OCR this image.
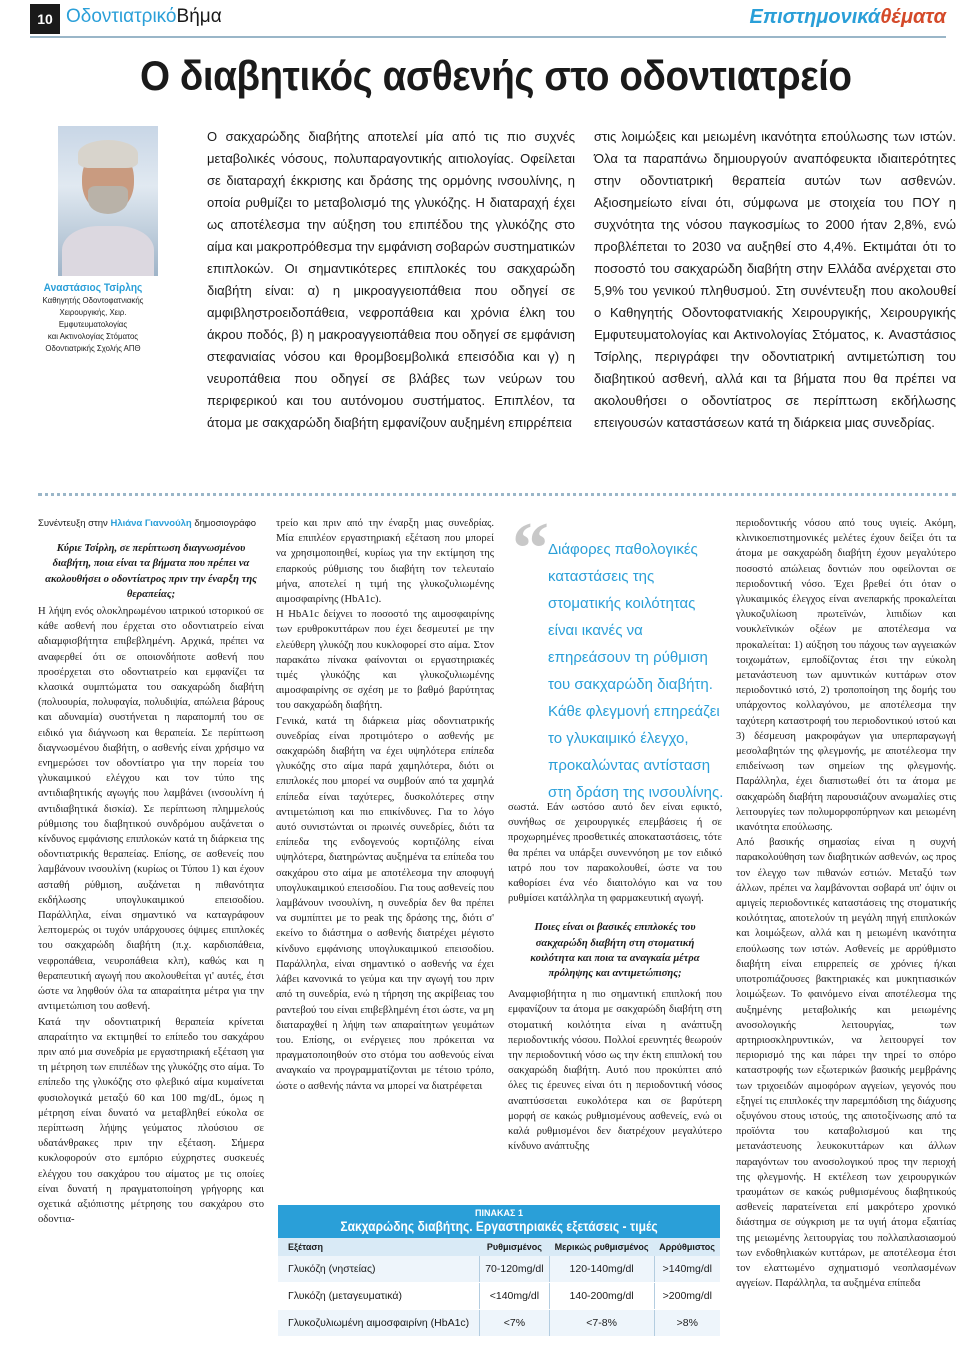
10 ΟδοντιατρικόΒήμα	Επιστημονικάθέματα
Ο διαβητικός ασθενής στο οδοντιατρείο
Αναστάσιος Τσίρλης
Καθηγητής Οδοντοφατνιακής
Χειρουργικής, Χειρ. Εμφυτευματολογίας
και Ακτινολογίας Στόματος
Οδοντιατρικής Σχολής ΑΠΘ
Ο σακχαρώδης διαβήτης αποτελεί μία από τις πιο συχνές μεταβολικές νόσους, πολυπαραγοντικής αιτιολογίας. Οφείλεται σε διαταραχή έκκρισης και δράσης της ορμόνης ινσουλίνης, η οποία ρυθμίζει το μεταβολισμό της γλυκόζης. Η διαταραχή έχει ως αποτέλεσμα την αύξηση του επιπέδου της γλυκόζης στο αίμα και μακροπρόθεσμα την εμφάνιση σοβαρών συστηματικών επιπλοκών. Οι σημαντικότερες επιπλοκές του σακχαρώδη διαβήτη είναι: α) η μικροαγγειοπάθεια που οδηγεί σε αμφιβληστροειδοπάθεια, νεφροπάθεια και χρόνια έλκη του άκρου ποδός, β) η μακροαγγειοπάθεια που οδηγεί σε εμφάνιση στεφανιαίας νόσου και θρομβοεμβολικά επεισόδια και γ) η νευροπάθεια που οδηγεί σε βλάβες των νεύρων του περιφερικού και του αυτόνομου συστήματος. Επιπλέον, τα άτομα με σακχαρώδη διαβήτη εμφανίζουν αυξημένη επιρρέπεια
στις λοιμώξεις και μειωμένη ικανότητα επούλωσης των ιστών. Όλα τα παραπάνω δημιουργούν αναπόφευκτα ιδιαιτερότητες στην οδοντιατρική θεραπεία αυτών των ασθενών. Αξιοσημείωτο είναι ότι, σύμφωνα με στοιχεία του ΠΟΥ η συχνότητα της νόσου παγκοσμίως το 2000 ήταν 2,8%, ενώ προβλέπεται το 2030 να αυξηθεί στο 4,4%. Εκτιμάται ότι το ποσοστό του σακχαρώδη διαβήτη στην Ελλάδα ανέρχεται στο 5,9% του γενικού πληθυσμού. Στη συνέντευξη που ακολουθεί ο Καθηγητής Οδοντοφατνιακής Χειρουργικής, Χειρουργικής Εμφυτευματολογίας και Ακτινολογίας Στόματος, κ. Αναστάσιος Τσίρλης, περιγράφει την οδοντιατρική αντιμετώπιση του διαβητικού ασθενή, αλλά και τα βήματα που θα πρέπει να ακολουθήσει ο οδοντίατρος σε περίπτωση εκδήλωσης επειγουσών καταστάσεων κατά τη διάρκεια μιας συνεδρίας.
Συνέντευξη στην Ηλιάνα Γιαννούλη δημοσιογράφο

Κύριε Τσίρλη, σε περίπτωση διαγνωσμένου διαβήτη, ποια είναι τα βήματα που πρέπει να ακολουθήσει ο οδοντίατρος πριν την έναρξη της θεραπείας;

Η λήψη ενός ολοκληρωμένου ιατρικού ιστορικού σε κάθε ασθενή που έρχεται στο οδοντιατρείο είναι αδιαμφισβήτητα επιβεβλημένη. Αρχικά, πρέπει να αναφερθεί ότι σε οποιονδήποτε ασθενή που προσέρχεται στο οδοντιατρείο και εμφανίζει τα κλασικά συμπτώματα του σακχαρώδη διαβήτη (πολυουρία, πολυφαγία, πολυδιψία, απώλεια βάρους και αδυναμία) συστήνεται η παραπομπή του σε ειδικό για διάγνωση και θεραπεία. Σε περίπτωση διαγνωσμένου διαβήτη, ο ασθενής είναι χρήσιμο να ενημερώσει τον οδοντίατρο για την πορεία του γλυκαιμικού ελέγχου και τον τύπο της αντιδιαβητικής αγωγής που λαμβάνει (ινσουλίνη ή αντιδιαβητικά δισκία). Σε περίπτωση πλημμελούς ρύθμισης του διαβητικού συνδρόμου αυξάνεται ο κίνδυνος εμφάνισης επιπλοκών κατά τη διάρκεια της οδοντιατρικής θεραπείας. Επίσης, σε ασθενείς που λαμβάνουν ινσουλίνη (κυρίως οι Τύπου 1) και έχουν ασταθή ρύθμιση, αυξάνεται η πιθανότητα εκδήλωσης υπογλυκαιμικού επεισοδίου. Παράλληλα, είναι σημαντικό να καταγράφουν λεπτομερώς οι τυχόν υπάρχουσες όψιμες επιπλοκές του σακχαρώδη διαβήτη (π.χ. καρδιοπάθεια, νεφροπάθεια, νευροπάθεια κλπ), καθώς και η θεραπευτική αγωγή που ακολουθείται γι' αυτές, έτσι ώστε να ληφθούν όλα τα απαραίτητα μέτρα για την αντιμετώπιση του ασθενή.

Κατά την οδοντιατρική θεραπεία κρίνεται απαραίτητο να εκτιμηθεί το επίπεδο του σακχάρου πριν από μια συνεδρία με εργαστηριακή εξέταση για τη μέτρηση των επιπέδων της γλυκόζης στο αίμα. Το επίπεδο της γλυκόζης στο φλεβικό αίμα κυμαίνεται φυσιολογικά μεταξύ 60 και 100 mg/dL, όμως η μέτρηση είναι δυνατό να μεταβληθεί εύκολα σε περίπτωση λήψης γεύματος πλούσιου σε υδατάνθρακες πριν την εξέταση. Σήμερα κυκλοφορούν στο εμπόριο εύχρηστες συσκευές ελέγχου του σακχάρου του αίματος με τις οποίες είναι δυνατή η πραγματοποίηση γρήγορης και σχετικά αξιόπιστης μέτρησης του σακχάρου στο οδοντια-

τρείο και πριν από την έναρξη μιας συνεδρίας. Μία επιπλέον εργαστηριακή εξέταση που μπορεί να χρησιμοποιηθεί, κυρίως για την εκτίμηση της επαρκούς ρύθμισης του διαβήτη τον τελευταίο μήνα, αποτελεί η τιμή της γλυκοζυλιωμένης αιμοσφαιρίνης (HbA1c).

Η HbA1c δείχνει το ποσοστό της αιμοσφαιρίνης των ερυθροκυττάρων που έχει δεσμευτεί με την ελεύθερη γλυκόζη που κυκλοφορεί στο αίμα. Στον παρακάτω πίνακα φαίνονται οι εργαστηριακές τιμές γλυκόζης και γλυκοζυλιωμένης αιμοσφαιρίνης σε σχέση με το βαθμό βαρύτητας του σακχαρώδη διαβήτη.

Γενικά, κατά τη διάρκεια μίας οδοντιατρικής συνεδρίας είναι προτιμότερο ο ασθενής με σακχαρώδη διαβήτη να έχει υψηλότερα επίπεδα γλυκόζης στο αίμα παρά χαμηλότερα, διότι οι επιπλοκές που μπορεί να συμβούν από τα χαμηλά επίπεδα είναι ταχύτερες, δυσκολότερες στην αντιμετώπιση και πιο επικίνδυνες. Για το λόγο αυτό συνιστώνται οι πρωινές συνεδρίες, διότι τα επίπεδα της ενδογενούς κορτιζόλης είναι υψηλότερα, διατηρώντας αυξημένα τα επίπεδα του σακχάρου στο αίμα με αποτέλεσμα την αποφυγή υπογλυκαιμικού επεισοδίου. Για τους ασθενείς που λαμβάνουν ινσουλίνη, η συνεδρία δεν θα πρέπει να συμπίπτει με το peak της δράσης της, διότι σ' εκείνο το διάστημα ο ασθενής διατρέχει μέγιστο κίνδυνο εμφάνισης υπογλυκαιμικού επεισοδίου. Παράλληλα, είναι σημαντικό ο ασθενής να έχει λάβει κανονικά το γεύμα και την αγωγή του πριν από τη συνεδρία, ενώ η τήρηση της ακρίβειας του ραντεβού του είναι επιβεβλημένη έτσι ώστε, να μη διαταραχθεί η λήψη των απαραίτητων γευμάτων του. Επίσης, οι ενέργειες που πρόκειται να πραγματοποιηθούν στο στόμα του ασθενούς είναι αναγκαίο να προγραμματίζονται με τέτοιο τρόπο, ώστε ο ασθενής πάντα να μπορεί να διατρέφεται

“ Διάφορες παθολογικές καταστάσεις της στοματικής κοιλότητας είναι ικανές να επηρεάσουν τη ρύθμιση του σακχαρώδη διαβήτη. Κάθε φλεγμονή επηρεάζει το γλυκαιμικό έλεγχο, προκαλώντας αντίσταση στη δράση της ινσουλίνης.

σωστά. Εάν ωστόσο αυτό δεν είναι εφικτό, συνήθως σε χειρουργικές επεμβάσεις ή σε προχωρημένες προσθετικές αποκαταστάσεις, τότε θα πρέπει να υπάρξει συνεννόηση με τον ειδικό ιατρό που τον παρακολουθεί, ώστε να του καθορίσει ένα νέο διαιτολόγιο και να του ρυθμίσει κατάλληλα τη φαρμακευτική αγωγή.

Ποιες είναι οι βασικές επιπλοκές του σακχαρώδη διαβήτη στη στοματική κοιλότητα και ποια τα αναγκαία μέτρα πρόληψης και αντιμετώπισης;

Αναμφισβήτητα η πιο σημαντική επιπλοκή που εμφανίζουν τα άτομα με σακχαρώδη διαβήτη στη στοματική κοιλότητα είναι η ανάπτυξη περιοδοντικής νόσου. Πολλοί ερευνητές θεωρούν την περιοδοντική νόσο ως την έκτη επιπλοκή του σακχαρώδη διαβήτη. Αυτό που προκύπτει από όλες τις έρευνες είναι ότι η περιοδοντική νόσος αναπτύσσεται ευκολότερα και σε βαρύτερη μορφή σε κακώς ρυθμισμένους ασθενείς, ενώ οι καλά ρυθμισμένοι δεν διατρέχουν μεγαλύτερο κίνδυνο ανάπτυξης

περιοδοντικής νόσου από τους υγιείς. Ακόμη, κλινικοεπιστημονικές μελέτες έχουν δείξει ότι τα άτομα με σακχαρώδη διαβήτη έχουν μεγαλύτερο ποσοστό απώλειας δοντιών που οφείλονται σε περιοδοντική νόσο. Έχει βρεθεί ότι όταν ο γλυκαιμικός έλεγχος είναι ανεπαρκής προκαλείται γλυκοζυλίωση πρωτεϊνών, λιπιδίων και νουκλεϊνικών οξέων με αποτέλεσμα να προκαλείται: 1) αύξηση του πάχους των αγγειακών τοιχωμάτων, εμποδίζοντας έτσι την εύκολη μετανάστευση των αμυντικών κυττάρων στον περιοδοντικό ιστό, 2) τροποποίηση της δομής του υπάρχοντος κολλαγόνου, με αποτέλεσμα την ταχύτερη καταστροφή του περιοδοντικού ιστού και 3) δέσμευση μακροφάγων για υπερπαραγωγή μεσολαβητών της φλεγμονής, με αποτέλεσμα την επιδείνωση των σημείων της φλεγμονής. Παράλληλα, έχει διαπιστωθεί ότι τα άτομα με σακχαρώδη διαβήτη παρουσιάζουν ανωμαλίες στις λειτουργίες των πολυμορφοπύρηνων και μειωμένη ικανότητα επούλωσης.

Από βασικής σημασίας είναι η συχνή παρακολούθηση των διαβητικών ασθενών, ως προς τον έλεγχο των πιθανών εστιών. Μεταξύ των άλλων, πρέπει να λαμβάνονται σοβαρά υπ' όψιν οι αμιγείς περιοδοντικές καταστάσεις της στοματικής κοιλότητας, αποτελούν τη μεγάλη πηγή επιπλοκών και λοιμώξεων, αλλά και η μειωμένη ικανότητα επούλωσης των ιστών. Ασθενείς με αρρύθμιστο διαβήτη είναι επιρρεπείς σε χρόνιες ή/και υποτροπιάζουσες βακτηριακές και μυκητιασικών λοιμώξεων. Το φαινόμενο είναι αποτέλεσμα της αυξημένης μεταβολικής και μειωμένης ανοσολογικής λειτουργίας, των αρτηριοσκληρυντικών, να λειτουργεί τον περιορισμό της και πάρει την τηρεί το σπόρο καταστροφής των εξωτερικών βασικής μεμβράνης των τριχοειδών αιμοφόρων αγγείων, γεγονός που εξηγεί τις επιπλοκές την παρεμπόδιση της διάχυσης οξυγόνου στους ιστούς, της αποτοξίνωσης από τα προϊόντα του καταβολισμού και της μετανάστευσης λευκοκυττάρων και άλλων παραγόντων του ανοσολογικού προς την περιοχή της φλεγμονής. Η εκτέλεση των χειρουργικών τραυμάτων σε κακώς ρυθμισμένους διαβητικούς ασθενείς παρατείνεται επί μακρότερο χρονικό διάστημα σε σύγκριση με τα υγιή άτομα εξαιτίας της μειωμένης λειτουργίας του πολλαπλασιασμού των ενδοθηλιακών κυττάρων, με αποτέλεσμα έτσι τον ελαττωμένο σχηματισμό νεοπλασμένων αγγείων. Παράλληλα, τα αυξημένα επίπεδα

ΠΙΝΑΚΑΣ 1
Σακχαρώδης διαβήτης. Εργαστηριακές εξετάσεις - τιμές
Εξέταση	Ρυθμισμένος	Μερικώς ρυθμισμένος	Αρρύθμιστος
Γλυκόζη (νηστείας)	70-120mg/dl	120-140mg/dl	>140mg/dl
Γλυκόζη (μεταγευματικά)	<140mg/dl	140-200mg/dl	>200mg/dl
Γλυκοζυλιωμένη αιμοσφαιρίνη (HbA1c)	<7%	<7-8%	>8%
